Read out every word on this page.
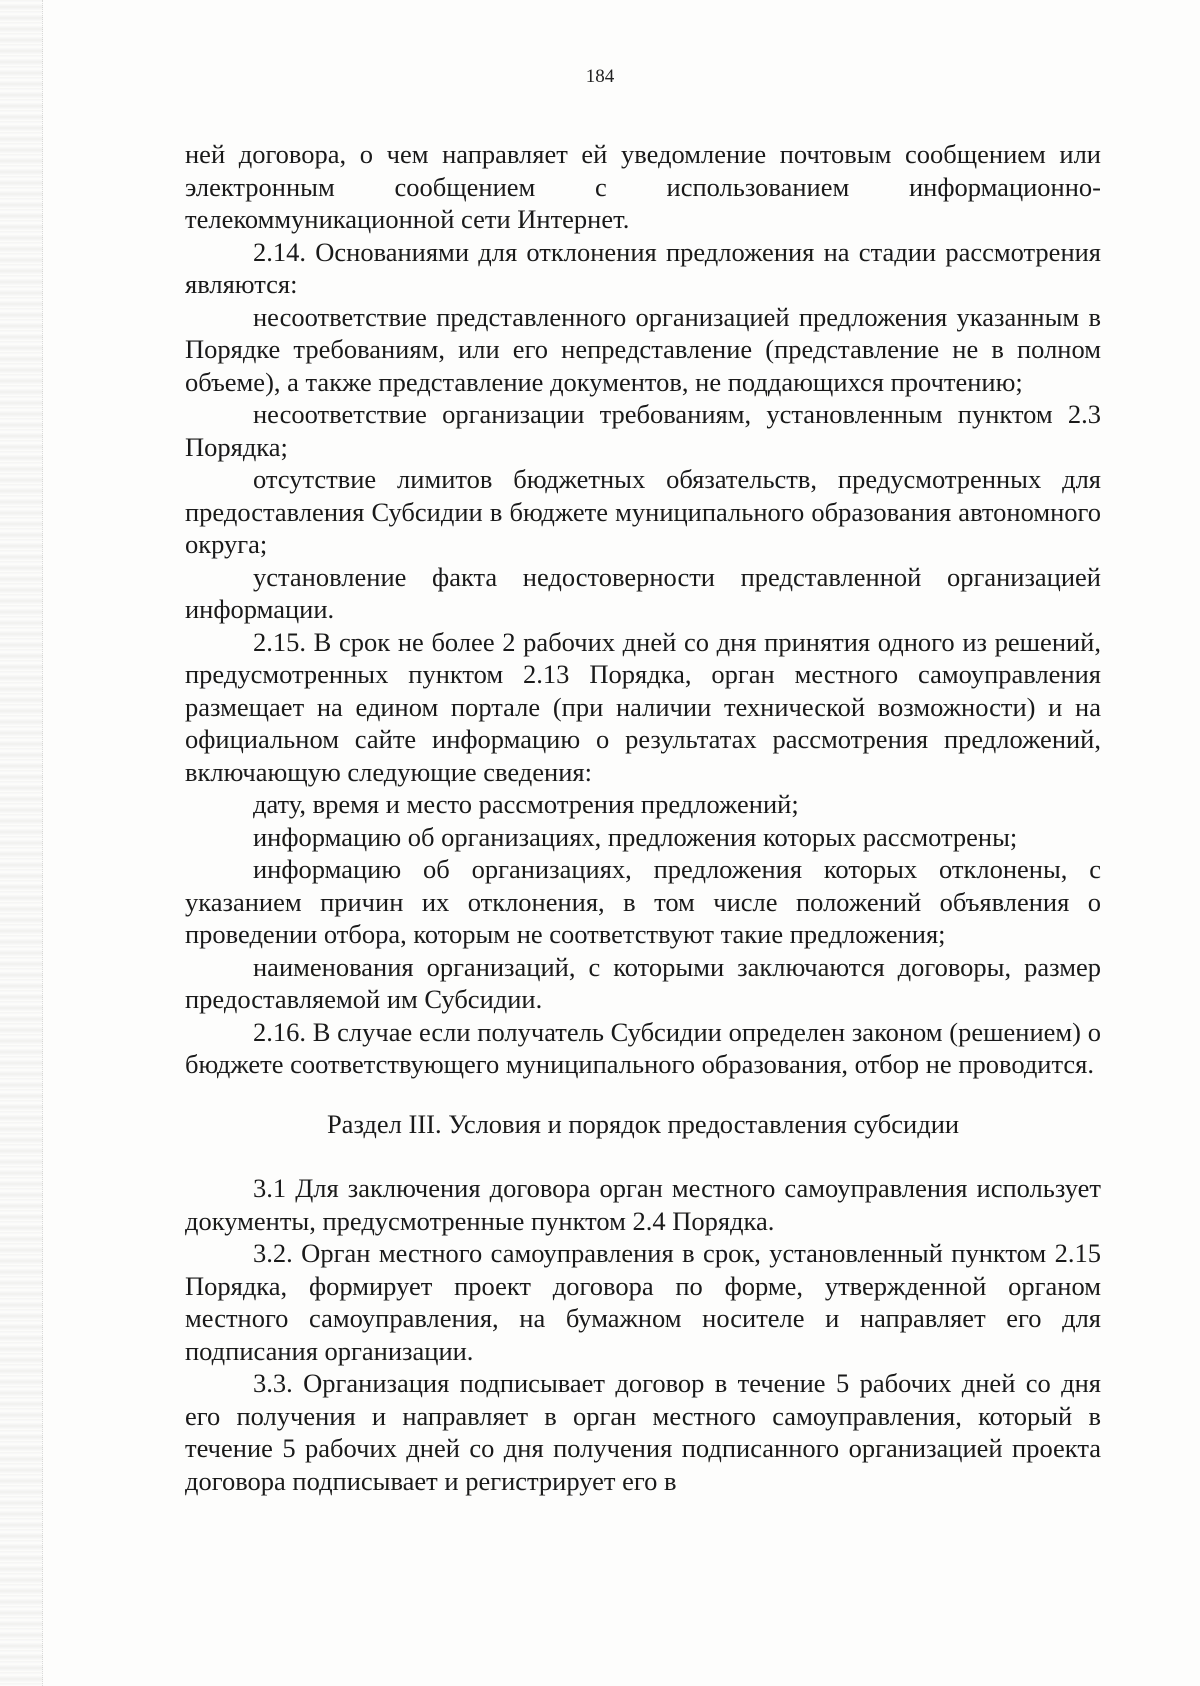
184

ней договора, о чем направляет ей уведомление почтовым сообщением или электронным сообщением с использованием информационно-телекоммуникационной сети Интернет.

2.14. Основаниями для отклонения предложения на стадии рассмотрения являются:

несоответствие представленного организацией предложения указанным в Порядке требованиям, или его непредставление (представление не в полном объеме), а также представление документов, не поддающихся прочтению;

несоответствие организации требованиям, установленным пунктом 2.3 Порядка;

отсутствие лимитов бюджетных обязательств, предусмотренных для предоставления Субсидии в бюджете муниципального образования автономного округа;

установление факта недостоверности представленной организацией информации.

2.15. В срок не более 2 рабочих дней со дня принятия одного из решений, предусмотренных пунктом 2.13 Порядка, орган местного самоуправления размещает на едином портале (при наличии технической возможности) и на официальном сайте информацию о результатах рассмотрения предложений, включающую следующие сведения:

дату, время и место рассмотрения предложений;

информацию об организациях, предложения которых рассмотрены;

информацию об организациях, предложения которых отклонены, с указанием причин их отклонения, в том числе положений объявления о проведении отбора, которым не соответствуют такие предложения;

наименования организаций, с которыми заключаются договоры, размер предоставляемой им Субсидии.

2.16. В случае если получатель Субсидии определен законом (решением) о бюджете соответствующего муниципального образования, отбор не проводится.

Раздел III. Условия и порядок предоставления субсидии

3.1 Для заключения договора орган местного самоуправления использует документы, предусмотренные пунктом 2.4 Порядка.

3.2. Орган местного самоуправления в срок, установленный пунктом 2.15 Порядка, формирует проект договора по форме, утвержденной органом местного самоуправления, на бумажном носителе и направляет его для подписания организации.

3.3. Организация подписывает договор в течение 5 рабочих дней со дня его получения и направляет в орган местного самоуправления, который в течение 5 рабочих дней со дня получения подписанного организацией проекта договора подписывает и регистрирует его в
